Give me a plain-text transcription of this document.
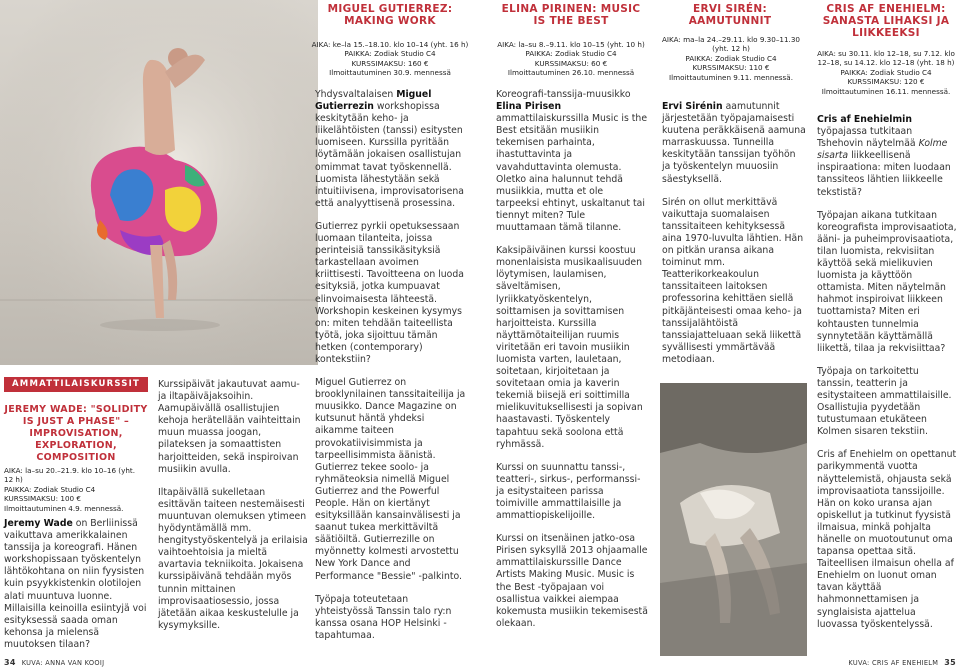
AMMATTILAISKURSSIT
JEREMY WADE: "SOLIDITY IS JUST A PHASE" – IMPROVISATION, EXPLORATION, COMPOSITION
AIKA: la–su 20.–21.9. klo 10–16 (yht. 12 h)
PAIKKA: Zodiak Studio C4
KURSSIMAKSU: 100 €
Ilmoittautuminen 4.9. mennessä.

Jeremy Wade on Berliinissä vaikuttava amerikkalainen tanssija ja koreografi. Hänen workshopissaan työskentelyn lähtökohtana on niin fyysisten kuin psyykkistenkin olotilojen alati muuntuva luonne. Millaisilla keinoilla esiintyjä voi esityksessä saada oman kehonsa ja mielensä muutoksen tilaan?

Kurssipäivät jakautuvat aamu- ja iltapäiväjaksoihin. Aamupäivällä osallistujien kehoja herätellään vaihteittain muun muassa joogan, pilateksen ja somaattisten harjoitteiden, sekä inspiroivan musiikin avulla.

Iltapäivällä sukelletaan esittävän taiteen nestemäisesti muuntuvan olemuksen ytimeen hyödyntämällä mm. hengitystyöskentelyä ja erilaisia vaihtoehtoisia ja mieltä avartavia tekniikoita. Jokaisena kurssipäivänä tehdään myös tunnin mittainen improvisaatiosessio, jossa jätetään aikaa keskustelulle ja kysymyksille.

MIGUEL GUTIERREZ: MAKING WORK
AIKA: ke–la 15.–18.10. klo 10–14 (yht. 16 h)
PAIKKA: Zodiak Studio C4
KURSSIMAKSU: 160 €
Ilmoittautuminen 30.9. mennessä

Yhdysvaltalaisen Miguel Gutierrezin workshopissa keskitytään keho- ja liikelähtöisten (tanssi) esitysten luomiseen. Kurssilla pyritään löytämään jokaisen osallistujan omimmat tavat työskennellä. Luomista lähestytään sekä intuitiivisena, improvisatorisena että analyyttisenä prosessina.

Gutierrez pyrkii opetuksessaan luomaan tilanteita, joissa perinteisiä tanssikäsityksiä tarkastellaan avoimen kriittisesti. Tavoitteena on luoda esityksiä, jotka kumpuavat elinvoimaisesta lähteestä. Workshopin keskeinen kysymys on: miten tehdään taiteellista työtä, joka sijoittuu tämän hetken (contemporary) kontekstiin?

Miguel Gutierrez on brooklynilainen tanssitaiteilija ja muusikko. Dance Magazine on kutsunut häntä yhdeksi aikamme taiteen provokatiivisimmista ja tarpeellisimmista äänistä. Gutierrez tekee soolo- ja ryhmäteoksia nimellä Miguel Gutierrez and the Powerful People. Hän on kiertänyt esityksillään kansainvälisesti ja saanut tukea merkittäviltä säätiöiltä. Gutierrezille on myönnetty kolmesti arvostettu New York Dance and Performance "Bessie" -palkinto.

Työpaja toteutetaan yhteistyössä Tanssin talo ry:n kanssa osana HOP Helsinki -tapahtumaa.

ELINA PIRINEN: MUSIC IS THE BEST
AIKA: la–su 8.–9.11. klo 10–15 (yht. 10 h)
PAIKKA: Zodiak Studio C4
KURSSIMAKSU: 60 €
Ilmoittautuminen 26.10. mennessä

Koreografi-tanssija-muusikko Elina Pirisen ammattilaiskurssilla Music is the Best etsitään musiikin tekemisen parhainta, ihastuttavinta ja vavahduttavinta olemusta. Oletko aina halunnut tehdä musiikkia, mutta et ole tarpeeksi ehtinyt, uskaltanut tai tiennyt miten? Tule muuttamaan tämä tilanne.

Kaksipäiväinen kurssi koostuu monenlaisista musikaalisuuden löytymisen, laulamisen, säveltämisen, lyriikkatyöskentelyn, soittamisen ja sovittamisen harjoitteista. Kurssilla näyttämötaiteilijan ruumis viritetään eri tavoin musiikin luomista varten, lauletaan, soitetaan, kirjoitetaan ja sovitetaan omia ja kaverin tekemiä biisejä eri soittimilla mielikuvituksellisesti ja sopivan haastavasti. Työskentely tapahtuu sekä soolona että ryhmässä.

Kurssi on suunnattu tanssi-, teatteri-, sirkus-, performanssi- ja esitystaiteen parissa toimiville ammattilaisille ja ammattiopiskelijoille.

Kurssi on itsenäinen jatko-osa Pirisen syksyllä 2013 ohjaamalle ammattilaiskurssille Dance Artists Making Music. Music is the Best -työpajaan voi osallistua vaikkei aiempaa kokemusta musiikin tekemisestä olekaan.

ERVI SIRÉN: AAMUTUNNIT
AIKA: ma–la 24.–29.11. klo 9.30–11.30 (yht. 12 h)
PAIKKA: Zodiak Studio C4
KURSSIMAKSU: 110 €
Ilmoittautuminen 9.11. mennessä.

Ervi Sirénin aamutunnit järjestetään työpajamaisesti kuutena peräkkäisenä aamuna marraskuussa. Tunneilla keskitytään tanssijan työhön ja työskentelyn muuosiin säestyksellä.

Sirén on ollut merkittävä vaikuttaja suomalaisen tanssitaiteen kehityksessä aina 1970-luvulta lähtien. Hän on pitkän uransa aikana toiminut mm. Teatterikorkeakoulun tanssitaiteen laitoksen professorina kehittäen siellä pitkäjänteisesti omaa keho- ja tanssijalähtöistä tanssiajatteluaan sekä liikettä syvällisesti ymmärtävää metodiaan.

CRIS AF ENEHIELM: SANASTA LIHAKSI JA LIIKKEEKSI
AIKA: su 30.11. klo 12–18, su 7.12. klo 12–18, su 14.12. klo 12–18 (yht. 18 h)
PAIKKA: Zodiak Studio C4
KURSSIMAKSU: 120 €
Ilmoittautuminen 16.11. mennessä.

Cris af Enehielmin työpajassa tutkitaan Tshehovin näytelmää Kolme sisarta liikkeellisenä inspiraationa: miten luodaan tanssiteos lähtien liikkeelle tekstistä?

Työpajan aikana tutkitaan koreografista improvisaatiota, ääni- ja puheimprovisaatiota, tilan luomista, rekvisiitan käyttöä sekä mielikuvien luomista ja käyttöön ottamista. Miten näytelmän hahmot inspiroivat liikkeen tuottamista? Miten eri kohtausten tunnelmia synnytetään käyttämällä liikettä, tilaa ja rekvisiittaa?

Työpaja on tarkoitettu tanssin, teatterin ja esitystaiteen ammattilaisille. Osallistujia pyydetään tutustumaan etukäteen Kolmen sisaren tekstiin.

Cris af Enehielm on opettanut parikymmentä vuotta näyttelemistä, ohjausta sekä improvisaatiota tanssijoille. Hän on koko uransa ajan opiskellut ja tutkinut fyysistä ilmaisua, minkä pohjalta hänelle on muotoutunut oma tapansa opettaa sitä. Taiteellisen ilmaisun ohella af Enehielm on luonut oman tavan käyttää hahmonnettamisen ja synglaisista ajattelua luovassa työskentelyssä.

34 KUVA: ANNA VAN KOOIJ	KUVA: CRIS AF ENEHIELM 35
